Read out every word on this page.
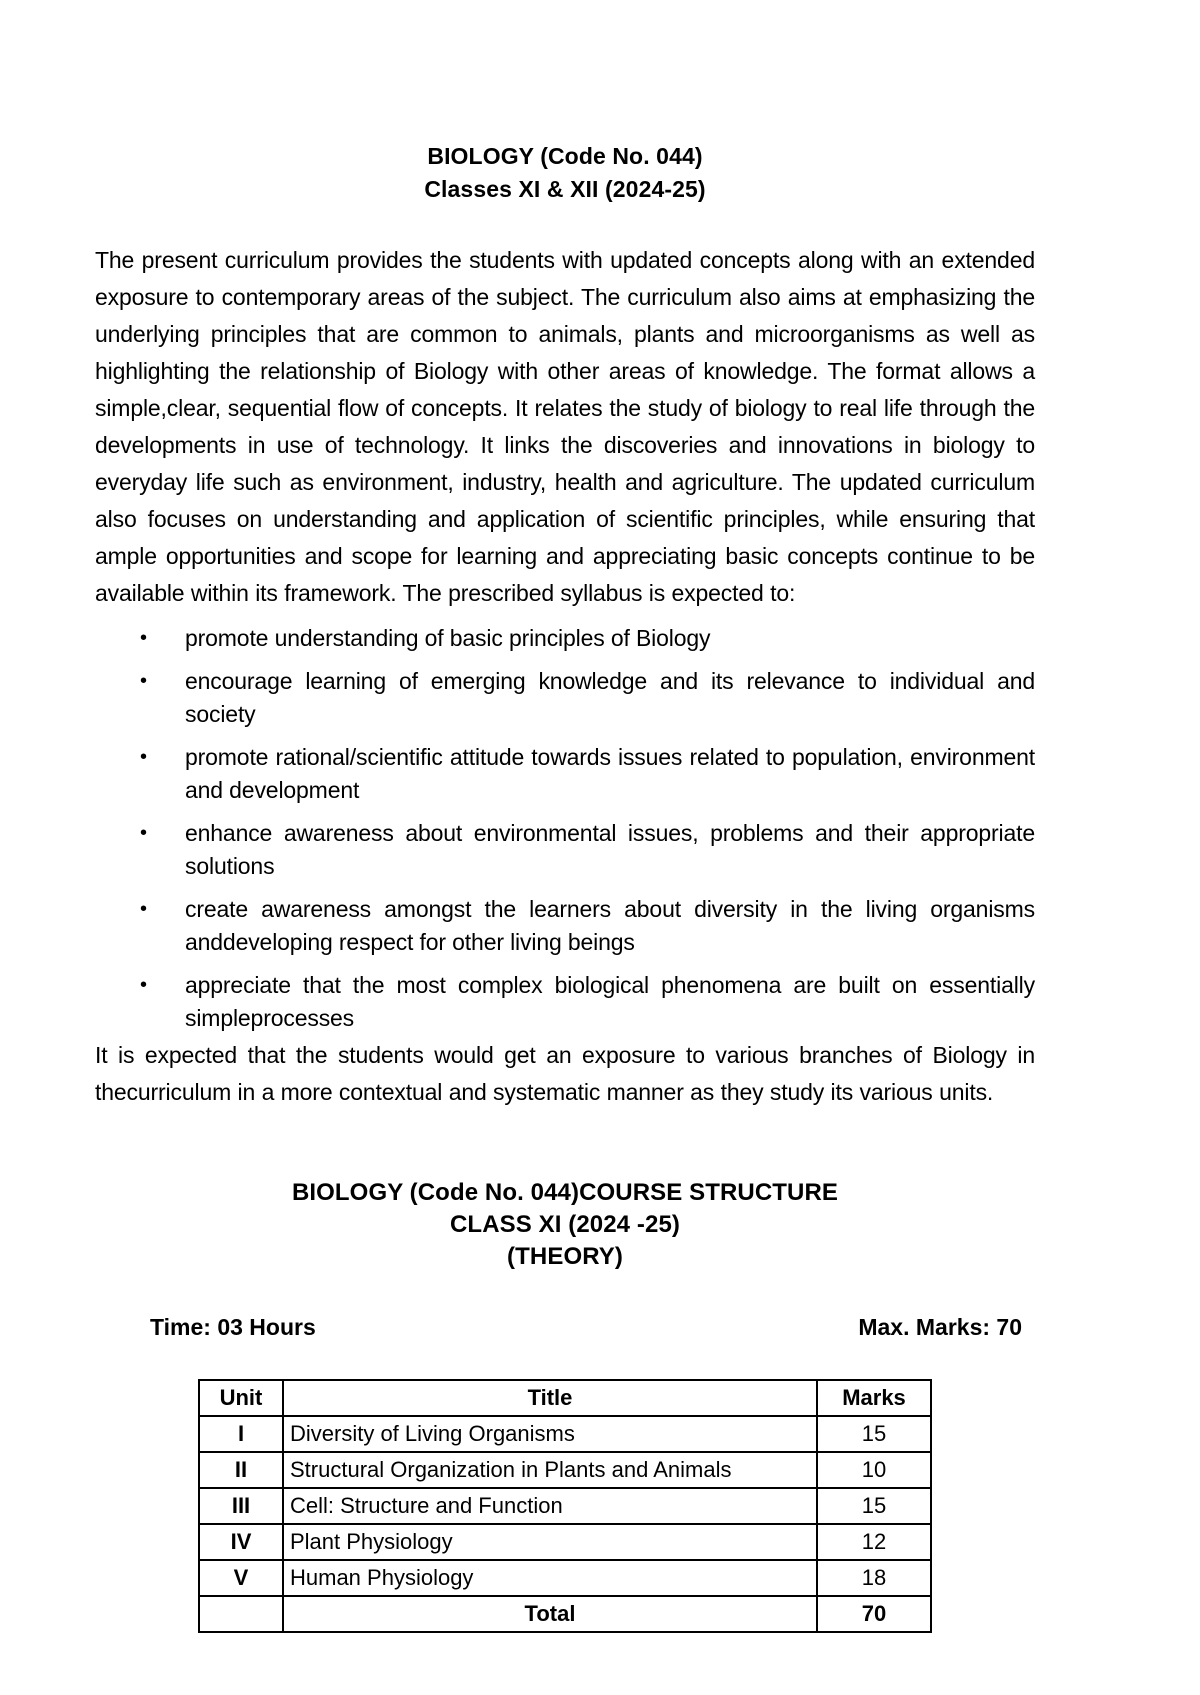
BIOLOGY (Code No. 044)
Classes XI & XII (2024-25)

The present curriculum provides the students with updated concepts along with an extended exposure to contemporary areas of the subject. The curriculum also aims at emphasizing the underlying principles that are common to animals, plants and microorganisms as well as highlighting the relationship of Biology with other areas of knowledge. The format allows a simple,clear, sequential flow of concepts. It relates the study of biology to real life through the developments in use of technology. It links the discoveries and innovations in biology to everyday life such as environment, industry, health and agriculture. The updated curriculum also focuses on understanding and application of scientific principles, while ensuring that ample opportunities and scope for learning and appreciating basic concepts continue to be available within its framework. The prescribed syllabus is expected to:

• promote understanding of basic principles of Biology
• encourage learning of emerging knowledge and its relevance to individual and society
• promote rational/scientific attitude towards issues related to population, environment and development
• enhance awareness about environmental issues, problems and their appropriate solutions
• create awareness amongst the learners about diversity in the living organisms anddeveloping respect for other living beings
• appreciate that the most complex biological phenomena are built on essentially simpleprocesses

It is expected that the students would get an exposure to various branches of Biology in thecurriculum in a more contextual and systematic manner as they study its various units.

BIOLOGY (Code No. 044)COURSE STRUCTURE
CLASS XI (2024 -25)
(THEORY)
Time: 03 Hours	Max. Marks: 70
Unit	Title	Marks
I	Diversity of Living Organisms	15
II	Structural Organization in Plants and Animals	10
III	Cell: Structure and Function	15
IV	Plant Physiology	12
V	Human Physiology	18
	Total	70
